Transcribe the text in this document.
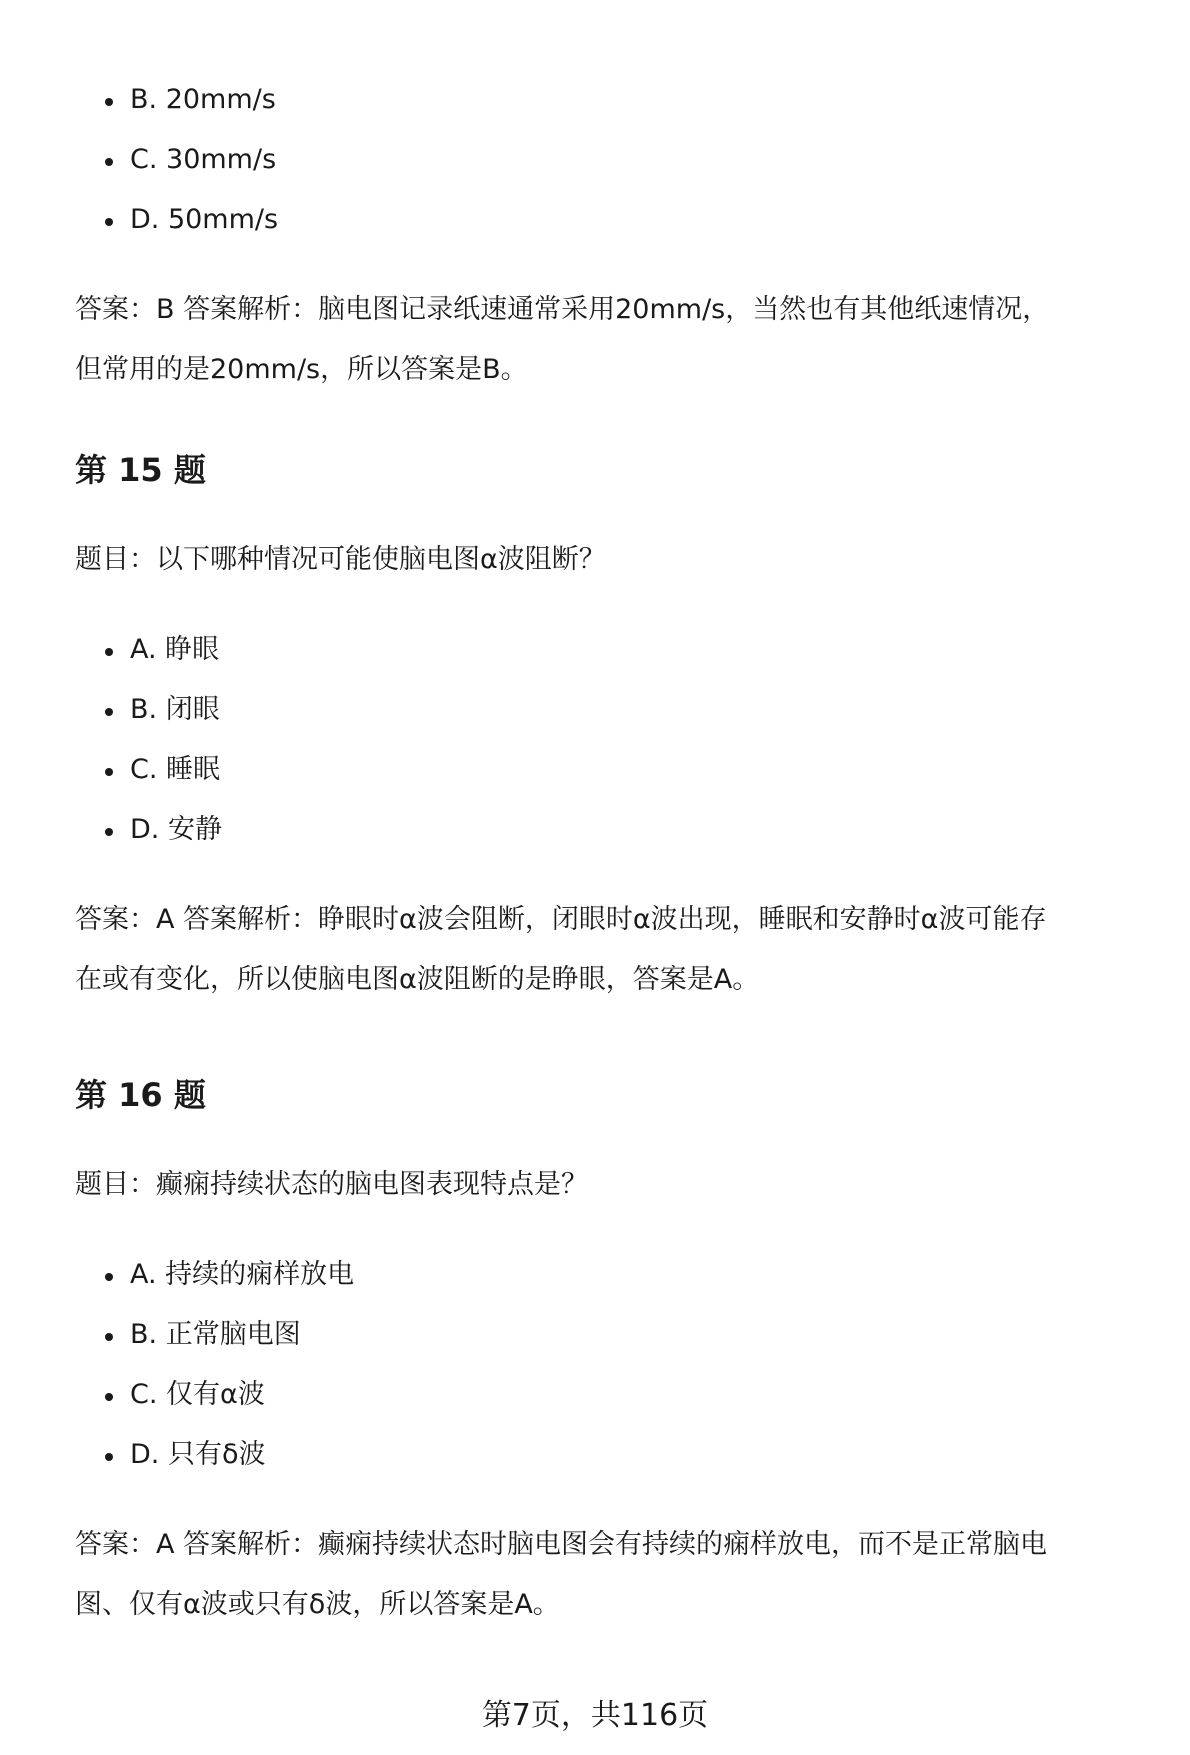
B. 20mm/s
C. 30mm/s
D. 50mm/s

答案：B 答案解析：脑电图记录纸速通常采用20mm/s，当然也有其他纸速情况，

但常用的是20mm/s，所以答案是B。

第 15 题

题目：以下哪种情况可能使脑电图α波阻断？

A. 睁眼
B. 闭眼
C. 睡眠
D. 安静

答案：A 答案解析：睁眼时α波会阻断，闭眼时α波出现，睡眠和安静时α波可能存

在或有变化，所以使脑电图α波阻断的是睁眼，答案是A。

第 16 题

题目：癫痫持续状态的脑电图表现特点是？

A. 持续的痫样放电
B. 正常脑电图
C. 仅有α波
D. 只有δ波

答案：A 答案解析：癫痫持续状态时脑电图会有持续的痫样放电，而不是正常脑电

图、仅有α波或只有δ波，所以答案是A。

第7页，共116页
